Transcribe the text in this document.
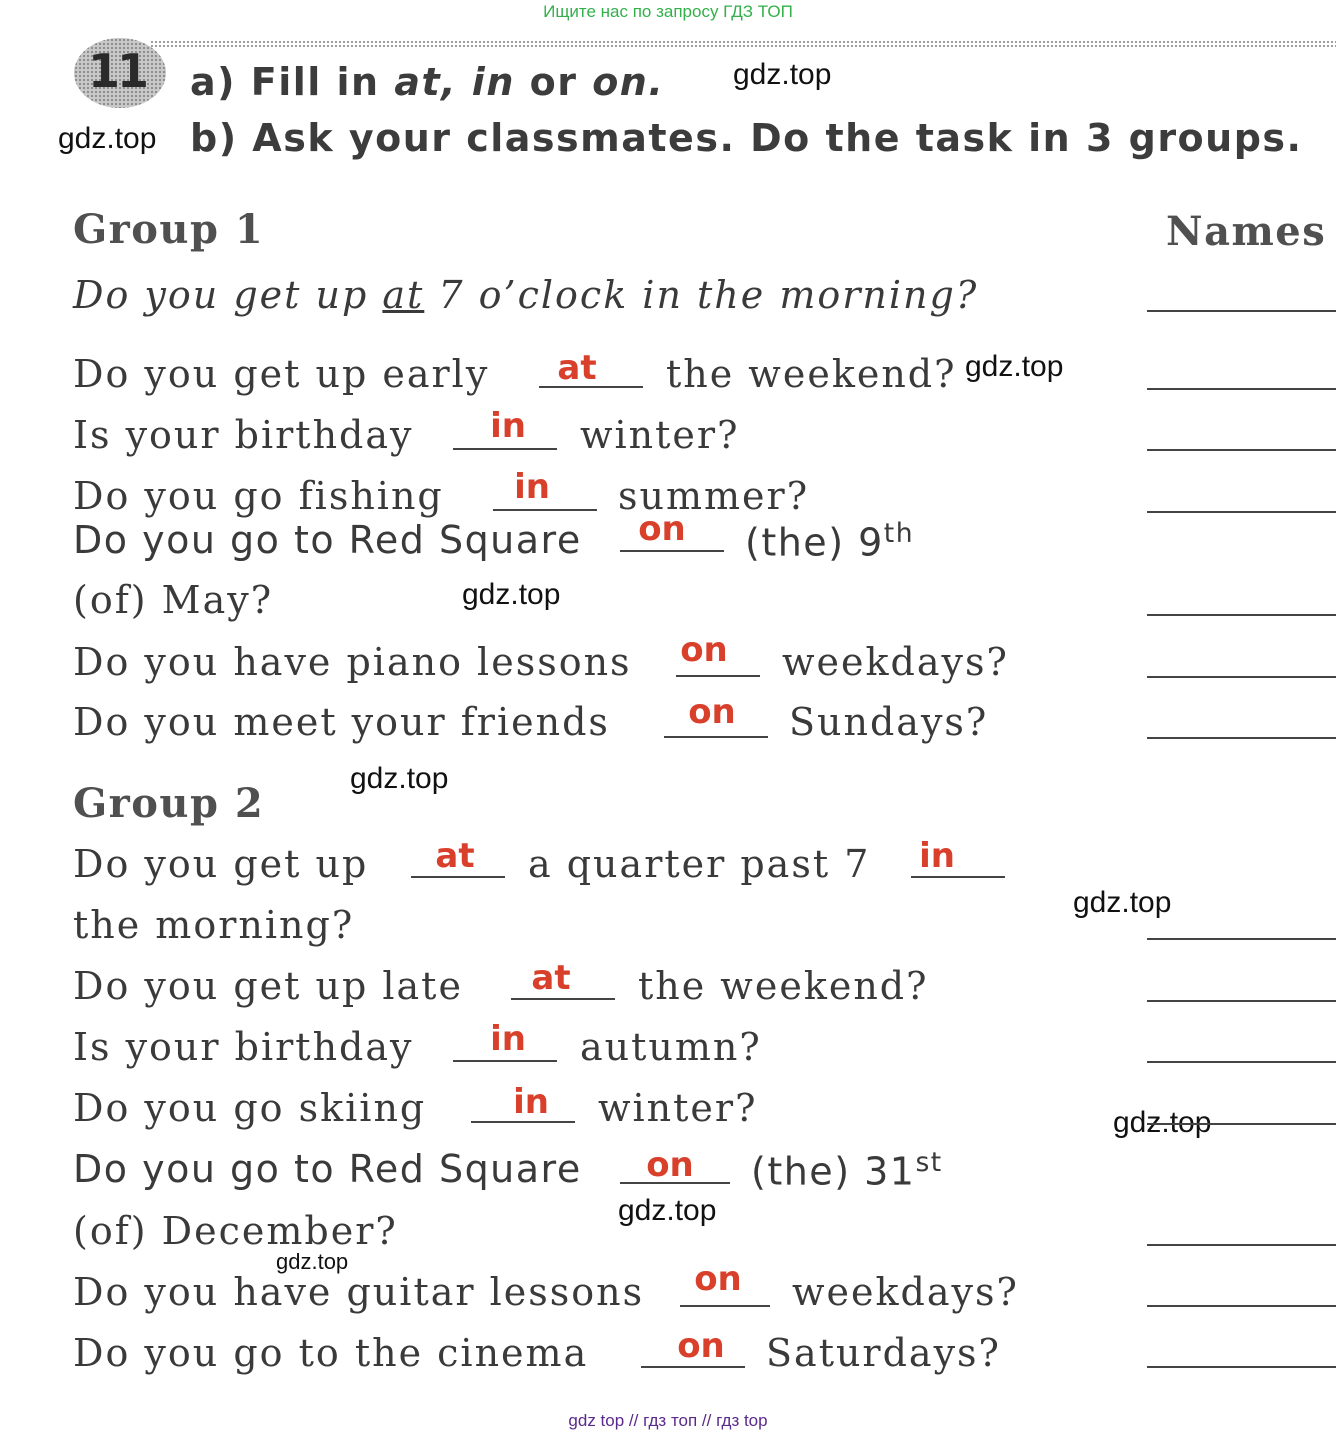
Ищите нас по запросу ГДЗ ТОП
11	a) Fill in at, in or on.
b) Ask your classmates. Do the task in 3 groups.
gdz.top
gdz.top
gdz.top
gdz.top
gdz.top
gdz.top
gdz.top
gdz.top
gdz.top
Group 1	Names
Do you get up at 7 o’clock in the morning?
Do you get up early	at	the weekend?
Is your birthday	in	winter?
Do you go fishing	in	summer?
Do you go to Red Square	on	(the) 9th
(of) May?
Do you have piano lessons on weekdays?
Do you meet your friends	on	Sundays?
Group 2
Do you get up	at	a quarter past 7 in
the morning?
Do you get up late	at	the weekend?
Is your birthday	in	autumn?
Do you go skiing	in	winter?
Do you go to Red Square	on	(the) 31st
(of) December?
Do you have guitar lessons	on	weekdays?
Do you go to the cinema	on	Saturdays?
gdz top // гдз топ // гдз top
